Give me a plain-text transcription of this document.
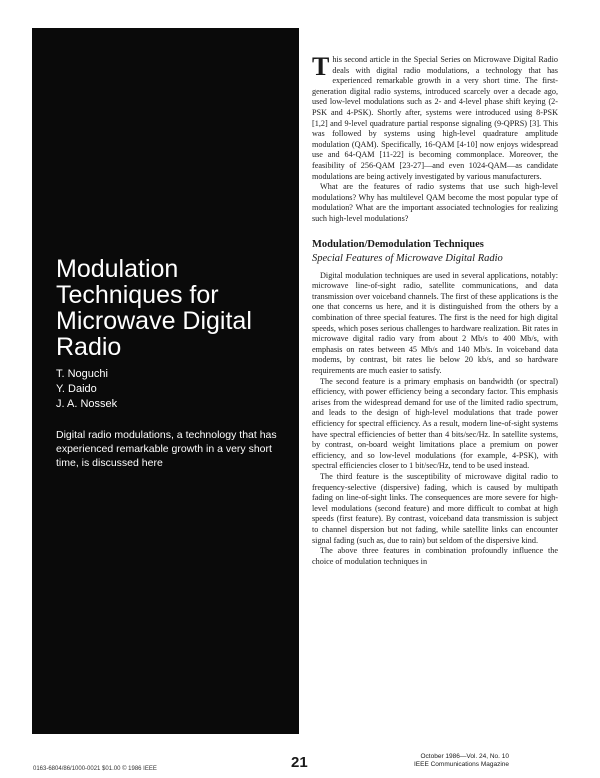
Modulation Techniques for Microwave Digital Radio
T. Noguchi
Y. Daido
J. A. Nossek

Digital radio modulations, a technology that has experienced remarkable growth in a very short time, is discussed here

This second article in the Special Series on Microwave Digital Radio deals with digital radio modulations, a technology that has experienced remarkable growth in a very short time. The first-generation digital radio systems, introduced scarcely over a decade ago, used low-level modulations such as 2- and 4-level phase shift keying (2-PSK and 4-PSK). Shortly after, systems were introduced using 8-PSK [1,2] and 9-level quadrature partial response signaling (9-QPRS) [3]. This was followed by systems using high-level quadrature amplitude modulation (QAM). Specifically, 16-QAM [4-10] now enjoys widespread use and 64-QAM [11-22] is becoming commonplace. Moreover, the feasibility of 256-QAM [23-27]—and even 1024-QAM—as candidate modulations are being actively investigated by various manufacturers.

What are the features of radio systems that use such high-level modulations? Why has multilevel QAM become the most popular type of modulation? What are the important associated technologies for realizing such high-level modulations?

Modulation/Demodulation Techniques
Special Features of Microwave Digital Radio

Digital modulation techniques are used in several applications, notably: microwave line-of-sight radio, satellite communications, and data transmission over voiceband channels. The first of these applications is the one that concerns us here, and it is distinguished from the others by a combination of three special features. The first is the need for high digital speeds, which poses serious challenges to hardware realization. Bit rates in microwave digital radio vary from about 2 Mb/s to 400 Mb/s, with emphasis on rates between 45 Mb/s and 140 Mb/s. In voiceband data modems, by contrast, bit rates lie below 20 kb/s, and so hardware requirements are much easier to satisfy.

The second feature is a primary emphasis on bandwidth (or spectral) efficiency, with power efficiency being a secondary factor. This emphasis arises from the widespread demand for use of the limited radio spectrum, and leads to the design of high-level modulations that trade power efficiency for spectral efficiency. As a result, modern line-of-sight systems have spectral efficiencies of better than 4 bits/sec/Hz. In satellite systems, by contrast, on-board weight limitations place a premium on power efficiency, and so low-level modulations (for example, 4-PSK), with spectral efficiencies closer to 1 bit/sec/Hz, tend to be used instead.

The third feature is the susceptibility of microwave digital radio to frequency-selective (dispersive) fading, which is caused by multipath fading on line-of-sight links. The consequences are more severe for high-level modulations (second feature) and more difficult to combat at high speeds (first feature). By contrast, voiceband data transmission is subject to channel dispersion but not fading, while satellite links can encounter signal fading (such as, due to rain) but seldom of the dispersive kind.

The above three features in combination profoundly influence the choice of modulation techniques in

0163-6804/86/1000-0021 $01.00 © 1986 IEEE	21	October 1986—Vol. 24, No. 10
IEEE Communications Magazine
